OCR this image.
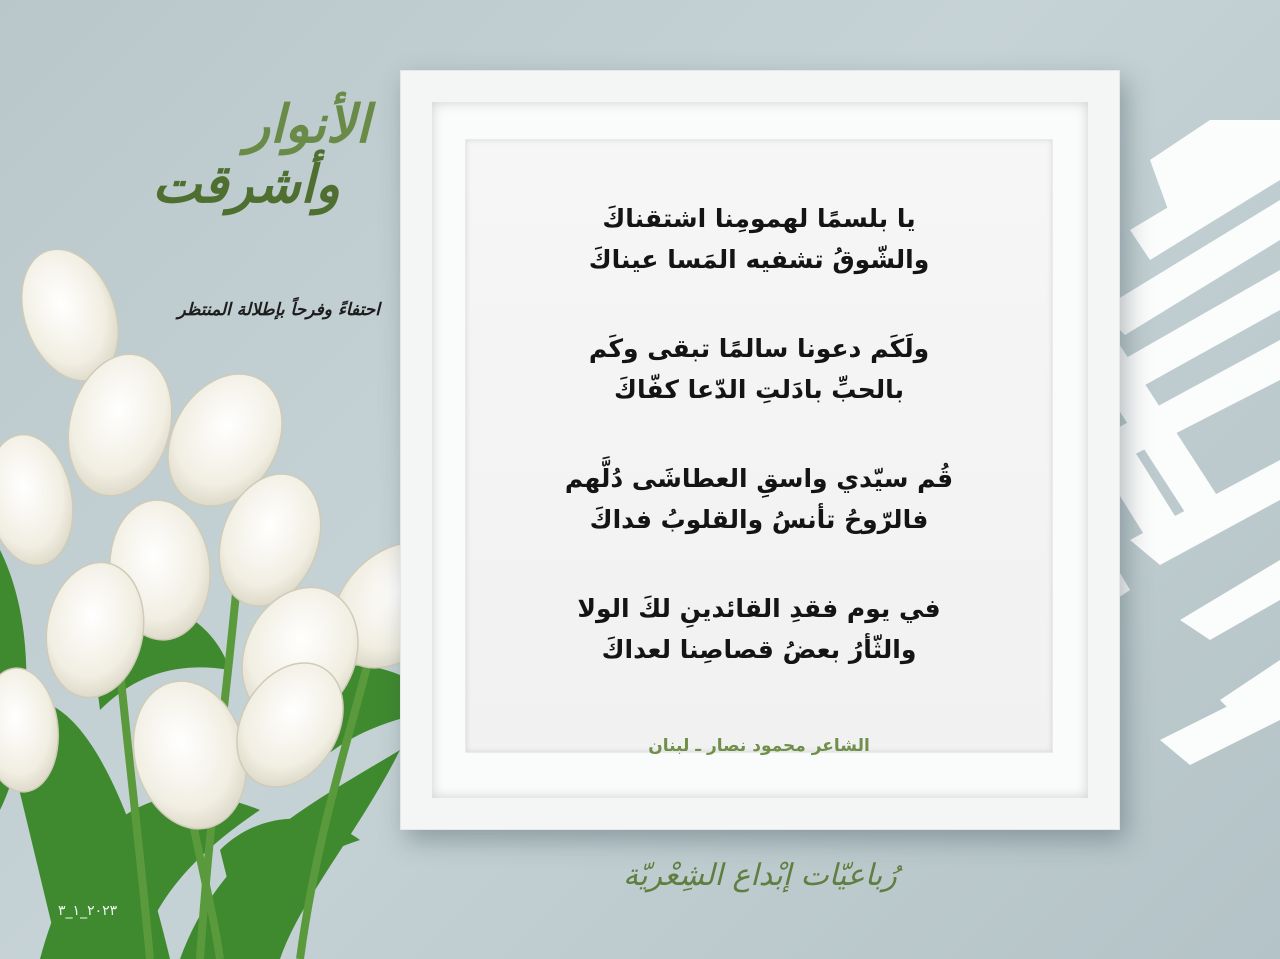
الأنوار
وأشرقت
احتفاءً وفرحاً بإطلالة المنتظر
يا بلسمًا لهمومِنا اشتقناكَ
والشّوقُ تشفيه المَسا عيناكَ
ولَكَم دعونا سالمًا تبقى وكَم
بالحبِّ بادَلتِ الدّعا كفّاكَ
قُم سيّدي واسقِ العطاشَى دُلَّهم
فالرّوحُ تأنسُ والقلوبُ فداكَ
في يوم فقدِ القائدينِ لكَ الولا
والثّأرُ بعضُ قصاصِنا لعداكَ
الشاعر محمود نصار ـ لبنان
رُباعيّات إبْداع الشِعْريّة
٢٠٢٣_١_٣
